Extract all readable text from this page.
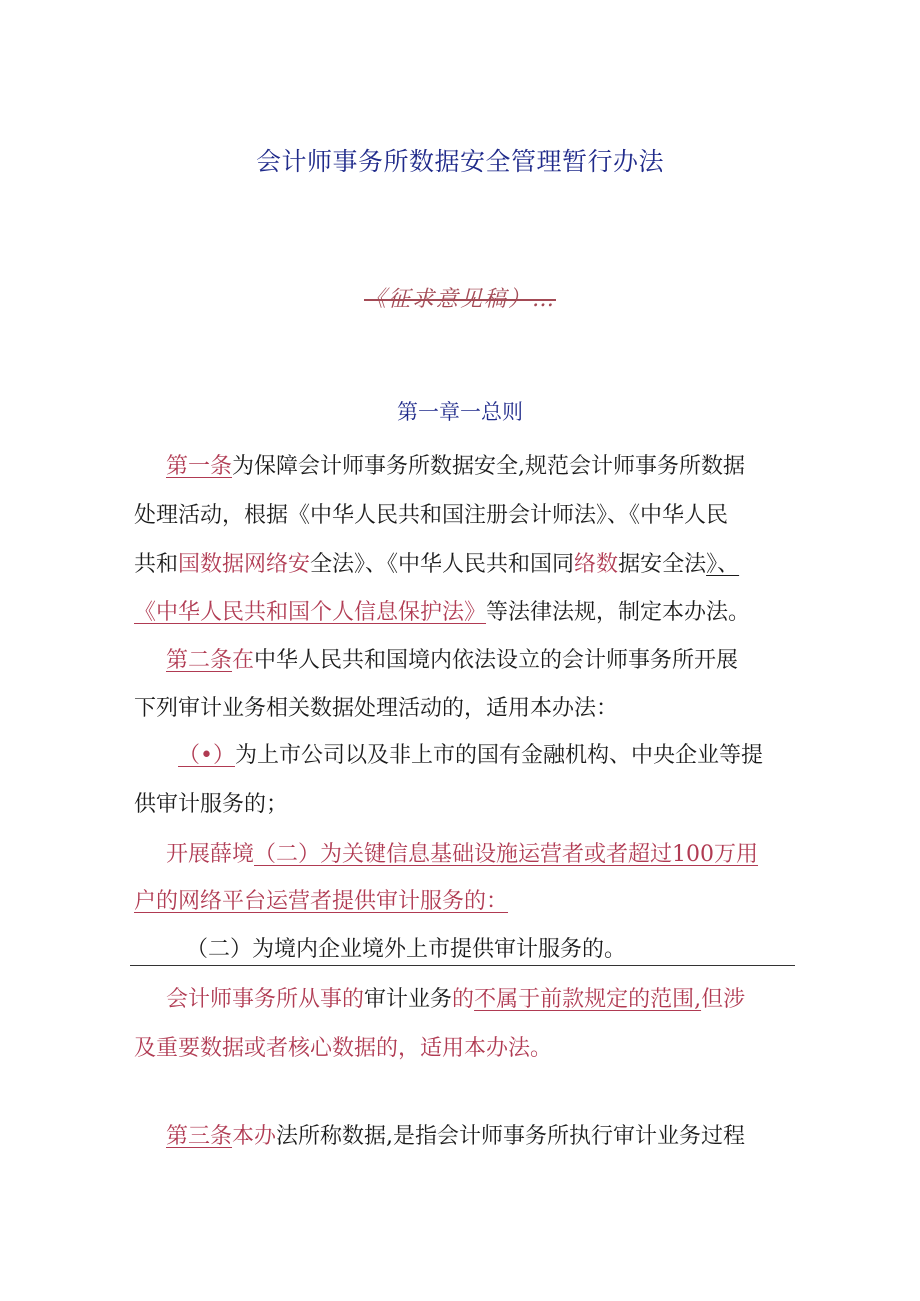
会计师事务所数据安全管理暂行办法
《征求意见稿）…
第一章一总则
第一条为保障会计师事务所数据安全,规范会计师事务所数据
处理活动，根据《中华人民共和国注册会计师法》、《中华人民
共和国数据网络安全法》、《中华人民共和国同络数据安全法》、
《中华人民共和国个人信息保护法》等法律法规，制定本办法。
第二条在中华人民共和国境内依法设立的会计师事务所开展
下列审计业务相关数据处理活动的，适用本办法：
（•）为上市公司以及非上市的国有金融机构、中央企业等提
供审计服务的；
开展薛境（二）为关键信息基础设施运营者或者超过100万用
户的网络平台运营者提供审计服务的：
（二）为境内企业境外上市提供审计服务的。
会计师事务所从事的审计业务的不属于前款规定的范围,但涉
及重要数据或者核心数据的，适用本办法。
第三条本办法所称数据,是指会计师事务所执行审计业务过程
